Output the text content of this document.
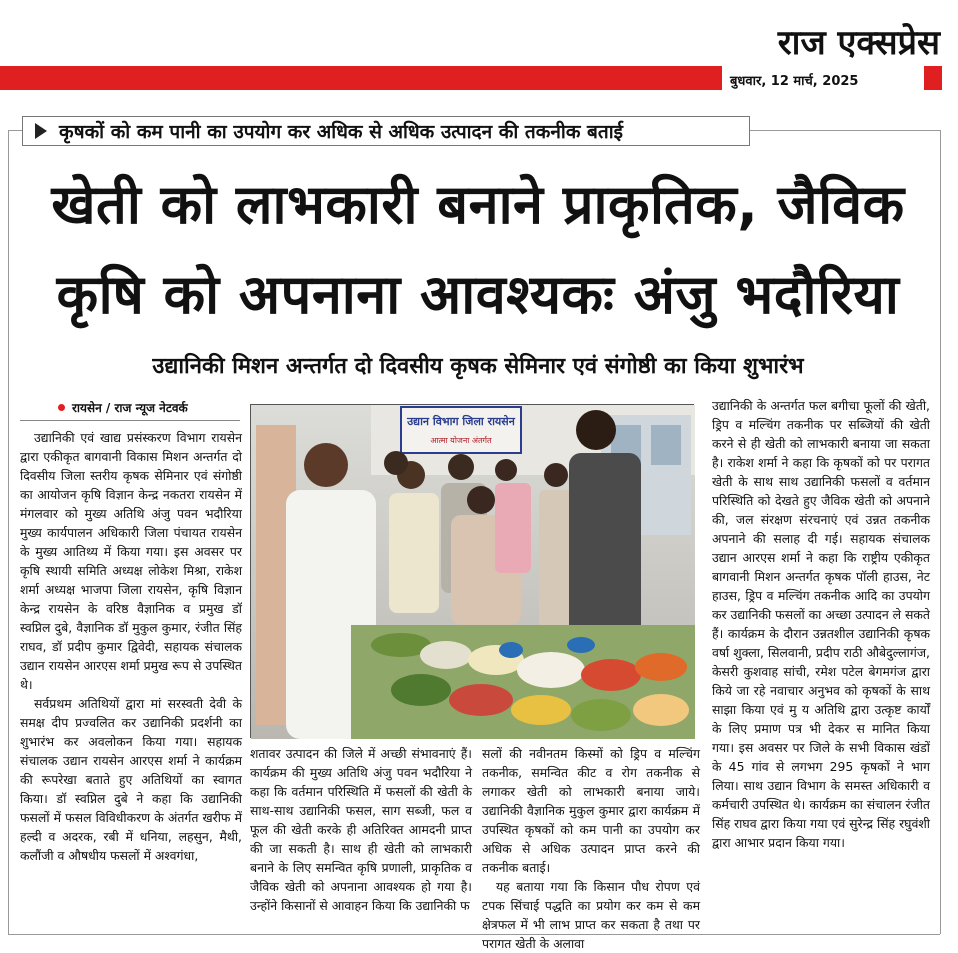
राज एक्सप्रेस
बुधवार, 12 मार्च, 2025
कृषकों को कम पानी का उपयोग कर अधिक से अधिक उत्पादन की तकनीक बताई
खेती को लाभकारी बनाने प्राकृतिक, जैविक
कृषि को अपनाना आवश्यकः अंजु भदौरिया
उद्यानिकी मिशन अन्तर्गत दो दिवसीय कृषक सेमिनार एवं संगोष्ठी का किया शुभारंभ
रायसेन / राज न्यूज नेटवर्क

उद्यानिकी एवं खाद्य प्रसंस्करण विभाग रायसेन द्वारा एकीकृत बागवानी विकास मिशन अन्तर्गत दो दिवसीय जिला स्तरीय कृषक सेमिनार एवं संगोष्ठी का आयोजन कृषि विज्ञान केन्द्र नकतरा रायसेन में मंगलवार को मुख्य अतिथि अंजु पवन भदौरिया मुख्य कार्यपालन अधिकारी जिला पंचायत रायसेन के मुख्य आतिथ्य में किया गया। इस अवसर पर कृषि स्थायी समिति अध्यक्ष लोकेश मिश्रा, राकेश शर्मा अध्यक्ष भाजपा जिला रायसेन, कृषि विज्ञान केन्द्र रायसेन के वरिष्ठ वैज्ञानिक व प्रमुख डॉ स्वप्निल दुबे, वैज्ञानिक डॉ मुकुल कुमार, रंजीत सिंह राघव, डॉ प्रदीप कुमार द्विवेदी, सहायक संचालक उद्यान रायसेन आरएस शर्मा प्रमुख रूप से उपस्थित थे।

सर्वप्रथम अतिथियों द्वारा मां सरस्वती देवी के समक्ष दीप प्रज्वलित कर उद्यानिकी प्रदर्शनी का शुभारंभ कर अवलोकन किया गया। सहायक संचालक उद्यान रायसेन आरएस शर्मा ने कार्यक्रम की रूपरेखा बताते हुए अतिथियों का स्वागत किया। डॉ स्वप्निल दुबे ने कहा कि उद्यानिकी फसलों में फसल विविधीकरण के अंतर्गत खरीफ में हल्दी व अदरक, रबी में धनिया, लहसुन, मैथी, कलौंजी व औषधीय फसलों में अश्वगंधा,

उद्यान विभाग जिला रायसेन
आत्मा योजना अंतर्गत

शतावर उत्पादन की जिले में अच्छी संभावनाएं हैं। कार्यक्रम की मुख्य अतिथि अंजु पवन भदौरिया ने कहा कि वर्तमान परिस्थिति में फसलों की खेती के साथ-साथ उद्यानिकी फसल, साग सब्जी, फल व फूल की खेती करके ही अतिरिक्त आमदनी प्राप्त की जा सकती है। साथ ही खेती को लाभकारी बनाने के लिए समन्वित कृषि प्रणाली, प्राकृतिक व जैविक खेती को अपनाना आवश्यक हो गया है। उन्होंने किसानों से आवाहन किया कि उद्यानिकी फ

सलों की नवीनतम किस्मों को ड्रिप व मल्चिंग तकनीक, समन्वित कीट व रोग तकनीक से लगाकर खेती को लाभकारी बनाया जाये। उद्यानिकी वैज्ञानिक मुकुल कुमार द्वारा कार्यक्रम में उपस्थित कृषकों को कम पानी का उपयोग कर अधिक से अधिक उत्पादन प्राप्त करने की तकनीक बताई।

यह बताया गया कि किसान पौध रोपण एवं टपक सिंचाई पद्धति का प्रयोग कर कम से कम क्षेत्रफल में भी लाभ प्राप्त कर सकता है तथा पर परागत खेती के अलावा

उद्यानिकी के अन्तर्गत फल बगीचा फूलों की खेती, ड्रिप व मल्चिंग तकनीक पर सब्जियों की खेती करने से ही खेती को लाभकारी बनाया जा सकता है। राकेश शर्मा ने कहा कि कृषकों को पर परागत खेती के साथ साथ उद्यानिकी फसलों व वर्तमान परिस्थिति को देखते हुए जैविक खेती को अपनाने की, जल संरक्षण संरचनाएं एवं उन्नत तकनीक अपनाने की सलाह दी गई। सहायक संचालक उद्यान आरएस शर्मा ने कहा कि राष्ट्रीय एकीकृत बागवानी मिशन अन्तर्गत कृषक पॉली हाउस, नेट हाउस, ड्रिप व मल्चिंग तकनीक आदि का उपयोग कर उद्यानिकी फसलों का अच्छा उत्पादन ले सकते हैं। कार्यक्रम के दौरान उन्नतशील उद्यानिकी कृषक वर्षा शुक्ला, सिलवानी, प्रदीप राठी औबेदुल्लागंज, केसरी कुशवाह सांची, रमेश पटेल बेगमगंज द्वारा किये जा रहे नवाचार अनुभव को कृषकों के साथ साझा किया एवं मु य अतिथि द्वारा उत्कृष्ट कार्यों के लिए प्रमाण पत्र भी देकर स मानित किया गया। इस अवसर पर जिले के सभी विकास खंडों के 45 गांव से लगभग 295 कृषकों ने भाग लिया। साथ उद्यान विभाग के समस्त अधिकारी व कर्मचारी उपस्थित थे। कार्यक्रम का संचालन रंजीत सिंह राघव द्वारा किया गया एवं सुरेन्द्र सिंह रघुवंशी द्वारा आभार प्रदान किया गया।
